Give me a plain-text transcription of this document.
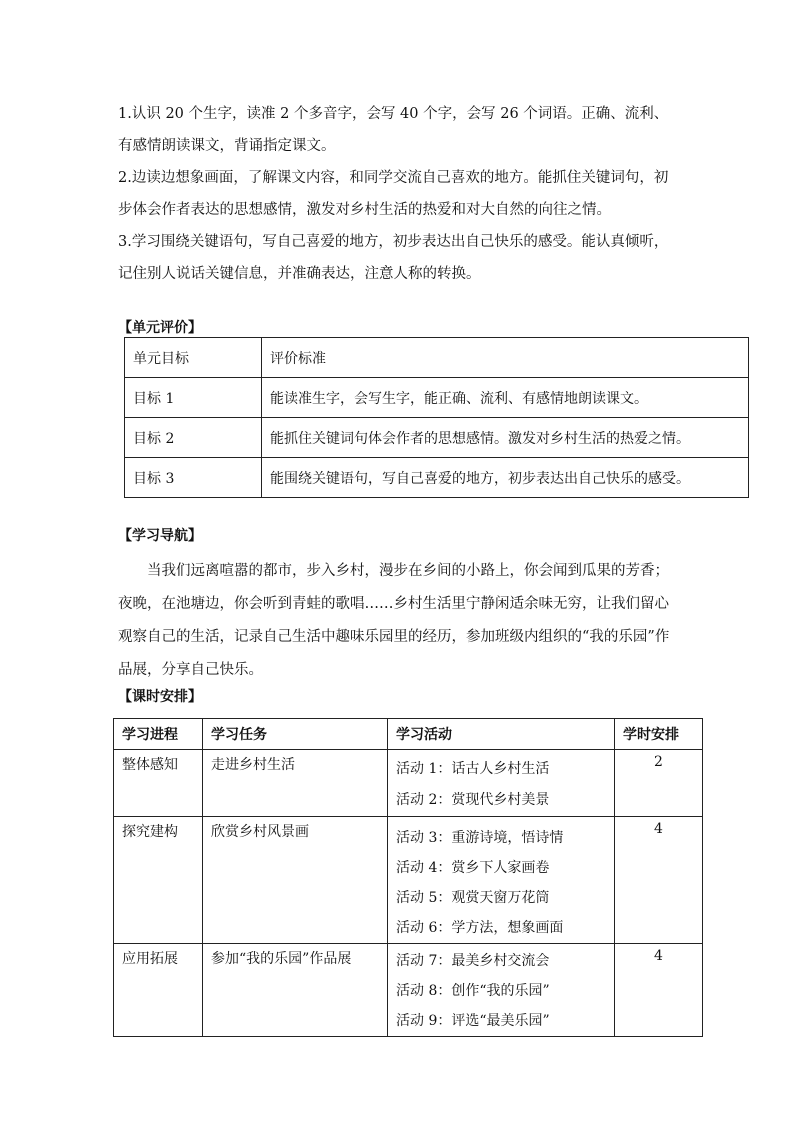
1.认识 20 个生字，读准 2 个多音字，会写 40 个字，会写 26 个词语。正确、流利、有感情朗读课文，背诵指定课文。

2.边读边想象画面，了解课文内容，和同学交流自己喜欢的地方。能抓住关键词句，初步体会作者表达的思想感情，激发对乡村生活的热爱和对大自然的向往之情。

3.学习围绕关键语句，写自己喜爱的地方，初步表达出自己快乐的感受。能认真倾听，记住别人说话关键信息，并准确表达，注意人称的转换。

【单元评价】
单元目标	评价标准
目标 1	能读准生字，会写生字，能正确、流利、有感情地朗读课文。
目标 2	能抓住关键词句体会作者的思想感情。激发对乡村生活的热爱之情。
目标 3	能围绕关键语句，写自己喜爱的地方，初步表达出自己快乐的感受。
【学习导航】

当我们远离喧嚣的都市，步入乡村，漫步在乡间的小路上，你会闻到瓜果的芳香；夜晚，在池塘边，你会听到青蛙的歌唱……乡村生活里宁静闲适余味无穷，让我们留心观察自己的生活，记录自己生活中趣味乐园里的经历，参加班级内组织的“我的乐园”作品展，分享自己快乐。

【课时安排】
学习进程	学习任务	学习活动	学时安排
整体感知	走进乡村生活	活动 1：话古人乡村生活
活动 2：赏现代乡村美景	2
探究建构	欣赏乡村风景画	活动 3：重游诗境，悟诗情
活动 4：赏乡下人家画卷
活动 5：观赏天窗万花筒
活动 6：学方法，想象画面	4
应用拓展	参加“我的乐园”作品展	活动 7：最美乡村交流会
活动 8：创作“我的乐园”
活动 9：评选“最美乐园”	4
